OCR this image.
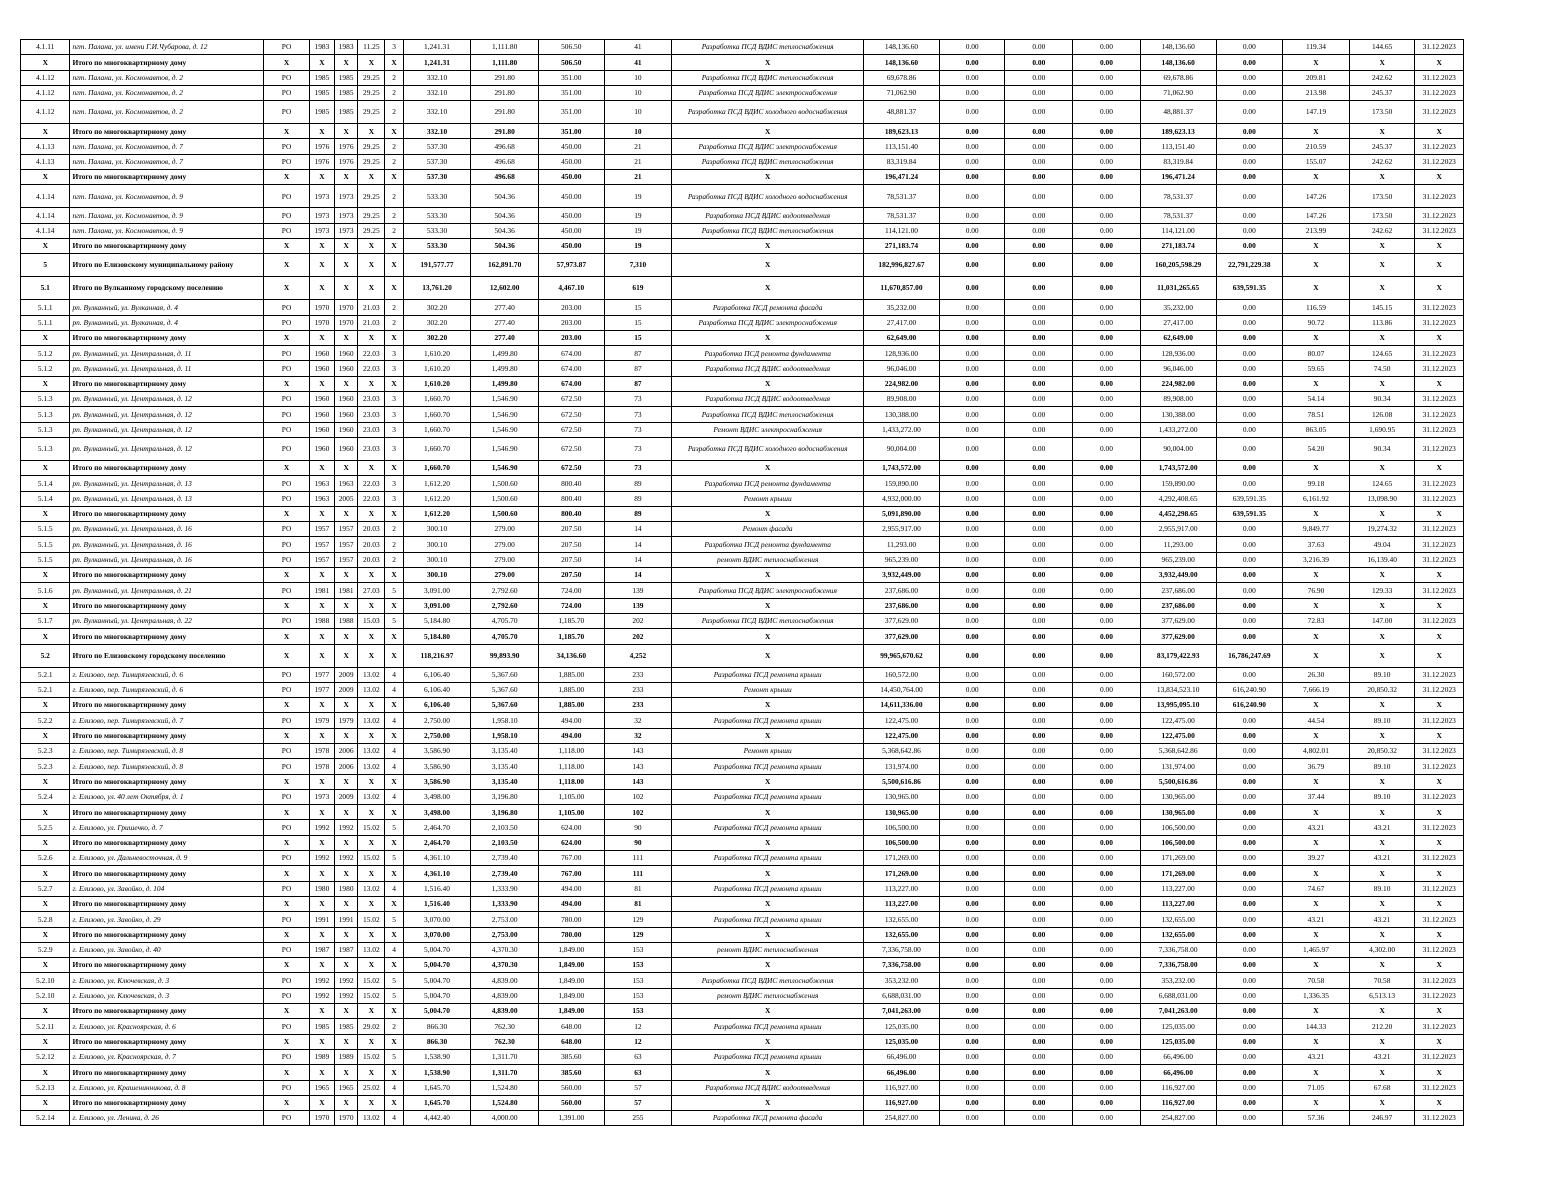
4.1.11	пгт. Палана, ул. имени Г.И.Чубарова, д. 12	РО	1983	1983	11.25	3	1,241.31	1,111.80	506.50	41	Разработка ПСД ВДИС теплоснабжения	148,136.60	0.00	0.00	0.00	148,136.60	0.00	119.34	144.65	31.12.2023
X	Итого по многоквартирному дому	X	X	X	X	X	1,241.31	1,111.80	506.50	41	X	148,136.60	0.00	0.00	0.00	148,136.60	0.00	X	X	X
4.1.12	пгт. Палана, ул. Космонавтов, д. 2	РО	1985	1985	29.25	2	332.10	291.80	351.00	10	Разработка ПСД ВДИС теплоснабжения	69,678.86	0.00	0.00	0.00	69,678.86	0.00	209.81	242.62	31.12.2023
4.1.12	пгт. Палана, ул. Космонавтов, д. 2	РО	1985	1985	29.25	2	332.10	291.80	351.00	10	Разработка ПСД ВДИС электроснабжения	71,062.90	0.00	0.00	0.00	71,062.90	0.00	213.98	245.37	31.12.2023
4.1.12	пгт. Палана, ул. Космонавтов, д. 2	РО	1985	1985	29.25	2	332.10	291.80	351.00	10	Разработка ПСД ВДИС холодного водоснабжения	48,881.37	0.00	0.00	0.00	48,881.37	0.00	147.19	173.50	31.12.2023
X	Итого по многоквартирному дому	X	X	X	X	X	332.10	291.80	351.00	10	X	189,623.13	0.00	0.00	0.00	189,623.13	0.00	X	X	X
4.1.13	пгт. Палана, ул. Космонавтов, д. 7	РО	1976	1976	29.25	2	537.30	496.68	450.00	21	Разработка ПСД ВДИС электроснабжения	113,151.40	0.00	0.00	0.00	113,151.40	0.00	210.59	245.37	31.12.2023
4.1.13	пгт. Палана, ул. Космонавтов, д. 7	РО	1976	1976	29.25	2	537.30	496.68	450.00	21	Разработка ПСД ВДИС теплоснабжения	83,319.84	0.00	0.00	0.00	83,319.84	0.00	155.07	242.62	31.12.2023
X	Итого по многоквартирному дому	X	X	X	X	X	537.30	496.68	450.00	21	X	196,471.24	0.00	0.00	0.00	196,471.24	0.00	X	X	X
4.1.14	пгт. Палана, ул. Космонавтов, д. 9	РО	1973	1973	29.25	2	533.30	504.36	450.00	19	Разработка ПСД ВДИС холодного водоснабжения	78,531.37	0.00	0.00	0.00	78,531.37	0.00	147.26	173.50	31.12.2023
4.1.14	пгт. Палана, ул. Космонавтов, д. 9	РО	1973	1973	29.25	2	533.30	504.36	450.00	19	Разработка ПСД ВДИС водоотведения	78,531.37	0.00	0.00	0.00	78,531.37	0.00	147.26	173.50	31.12.2023
4.1.14	пгт. Палана, ул. Космонавтов, д. 9	РО	1973	1973	29.25	2	533.30	504.36	450.00	19	Разработка ПСД ВДИС теплоснабжения	114,121.00	0.00	0.00	0.00	114,121.00	0.00	213.99	242.62	31.12.2023
X	Итого по многоквартирному дому	X	X	X	X	X	533.30	504.36	450.00	19	X	271,183.74	0.00	0.00	0.00	271,183.74	0.00	X	X	X
5	Итого по Елизовскому муниципальному району	X	X	X	X	X	191,577.77	162,891.70	57,973.87	7,310	X	182,996,827.67	0.00	0.00	0.00	160,205,598.29	22,791,229.38	X	X	X
5.1	Итого по Вулканному городскому поселению	X	X	X	X	X	13,761.20	12,602.00	4,467.10	619	X	11,670,857.00	0.00	0.00	0.00	11,031,265.65	639,591.35	X	X	X
5.1.1	рп. Вулканный, ул. Вулканная, д. 4	РО	1970	1970	21.03	2	302.20	277.40	203.00	15	Разработка ПСД ремонта фасада	35,232.00	0.00	0.00	0.00	35,232.00	0.00	116.59	145.15	31.12.2023
5.1.1	рп. Вулканный, ул. Вулканная, д. 4	РО	1970	1970	21.03	2	302.20	277.40	203.00	15	Разработка ПСД ВДИС электроснабжения	27,417.00	0.00	0.00	0.00	27,417.00	0.00	90.72	113.86	31.12.2023
X	Итого по многоквартирному дому	X	X	X	X	X	302.20	277.40	203.00	15	X	62,649.00	0.00	0.00	0.00	62,649.00	0.00	X	X	X
5.1.2	рп. Вулканный, ул. Центральная, д. 11	РО	1960	1960	22.03	3	1,610.20	1,499.80	674.00	87	Разработка ПСД ремонта фундамента	128,936.00	0.00	0.00	0.00	128,936.00	0.00	80.07	124.65	31.12.2023
5.1.2	рп. Вулканный, ул. Центральная, д. 11	РО	1960	1960	22.03	3	1,610.20	1,499.80	674.00	87	Разработка ПСД ВДИС водоотведения	96,046.00	0.00	0.00	0.00	96,046.00	0.00	59.65	74.50	31.12.2023
X	Итого по многоквартирному дому	X	X	X	X	X	1,610.20	1,499.80	674.00	87	X	224,982.00	0.00	0.00	0.00	224,982.00	0.00	X	X	X
5.1.3	рп. Вулканный, ул. Центральная, д. 12	РО	1960	1960	23.03	3	1,660.70	1,546.90	672.50	73	Разработка ПСД ВДИС водоотведения	89,908.00	0.00	0.00	0.00	89,908.00	0.00	54.14	90.34	31.12.2023
5.1.3	рп. Вулканный, ул. Центральная, д. 12	РО	1960	1960	23.03	3	1,660.70	1,546.90	672.50	73	Разработка ПСД ВДИС теплоснабжения	130,388.00	0.00	0.00	0.00	130,388.00	0.00	78.51	126.08	31.12.2023
5.1.3	рп. Вулканный, ул. Центральная, д. 12	РО	1960	1960	23.03	3	1,660.70	1,546.90	672.50	73	Ремонт ВДИС электроснабжения	1,433,272.00	0.00	0.00	0.00	1,433,272.00	0.00	863.05	1,690.95	31.12.2023
5.1.3	рп. Вулканный, ул. Центральная, д. 12	РО	1960	1960	23.03	3	1,660.70	1,546.90	672.50	73	Разработка ПСД ВДИС холодного водоснабжения	90,004.00	0.00	0.00	0.00	90,004.00	0.00	54.20	90.34	31.12.2023
X	Итого по многоквартирному дому	X	X	X	X	X	1,660.70	1,546.90	672.50	73	X	1,743,572.00	0.00	0.00	0.00	1,743,572.00	0.00	X	X	X
5.1.4	рп. Вулканный, ул. Центральная, д. 13	РО	1963	1963	22.03	3	1,612.20	1,500.60	800.40	89	Разработка ПСД ремонта фундамента	159,890.00	0.00	0.00	0.00	159,890.00	0.00	99.18	124.65	31.12.2023
5.1.4	рп. Вулканный, ул. Центральная, д. 13	РО	1963	2005	22.03	3	1,612.20	1,500.60	800.40	89	Ремонт крыши	4,932,000.00	0.00	0.00	0.00	4,292,408.65	639,591.35	6,161.92	13,098.90	31.12.2023
X	Итого по многоквартирному дому	X	X	X	X	X	1,612.20	1,500.60	800.40	89	X	5,091,890.00	0.00	0.00	0.00	4,452,298.65	639,591.35	X	X	X
5.1.5	рп. Вулканный, ул. Центральная, д. 16	РО	1957	1957	20.03	2	300.10	279.00	207.50	14	Ремонт фасада	2,955,917.00	0.00	0.00	0.00	2,955,917.00	0.00	9,849.77	19,274.32	31.12.2023
5.1.5	рп. Вулканный, ул. Центральная, д. 16	РО	1957	1957	20.03	2	300.10	279.00	207.50	14	Разработка ПСД ремонта фундамента	11,293.00	0.00	0.00	0.00	11,293.00	0.00	37.63	49.04	31.12.2023
5.1.5	рп. Вулканный, ул. Центральная, д. 16	РО	1957	1957	20.03	2	300.10	279.00	207.50	14	ремонт ВДИС теплоснабжения	965,239.00	0.00	0.00	0.00	965,239.00	0.00	3,216.39	16,139.40	31.12.2023
X	Итого по многоквартирному дому	X	X	X	X	X	300.10	279.00	207.50	14	X	3,932,449.00	0.00	0.00	0.00	3,932,449.00	0.00	X	X	X
5.1.6	рп. Вулканный, ул. Центральная, д. 21	РО	1981	1981	27.03	5	3,091.00	2,792.60	724.00	139	Разработка ПСД ВДИС электроснабжения	237,686.00	0.00	0.00	0.00	237,686.00	0.00	76.90	129.33	31.12.2023
X	Итого по многоквартирному дому	X	X	X	X	X	3,091.00	2,792.60	724.00	139	X	237,686.00	0.00	0.00	0.00	237,686.00	0.00	X	X	X
5.1.7	рп. Вулканный, ул. Центральная, д. 22	РО	1988	1988	15.03	5	5,184.80	4,705.70	1,185.70	202	Разработка ПСД ВДИС теплоснабжения	377,629.00	0.00	0.00	0.00	377,629.00	0.00	72.83	147.00	31.12.2023
X	Итого по многоквартирному дому	X	X	X	X	X	5,184.80	4,705.70	1,185.70	202	X	377,629.00	0.00	0.00	0.00	377,629.00	0.00	X	X	X
5.2	Итого по Елизовскому городскому поселению	X	X	X	X	X	118,216.97	99,893.90	34,136.60	4,252	X	99,965,670.62	0.00	0.00	0.00	83,179,422.93	16,786,247.69	X	X	X
5.2.1	г. Елизово, пер. Тимирязевский, д. 6	РО	1977	2009	13.02	4	6,106.40	5,367.60	1,885.00	233	Разработка ПСД ремонта крыши	160,572.00	0.00	0.00	0.00	160,572.00	0.00	26.30	89.10	31.12.2023
5.2.1	г. Елизово, пер. Тимирязевский, д. 6	РО	1977	2009	13.02	4	6,106.40	5,367.60	1,885.00	233	Ремонт крыши	14,450,764.00	0.00	0.00	0.00	13,834,523.10	616,240.90	7,666.19	20,850.32	31.12.2023
X	Итого по многоквартирному дому	X	X	X	X	X	6,106.40	5,367.60	1,885.00	233	X	14,611,336.00	0.00	0.00	0.00	13,995,095.10	616,240.90	X	X	X
5.2.2	г. Елизово, пер. Тимирязевский, д. 7	РО	1979	1979	13.02	4	2,750.00	1,958.10	494.00	32	Разработка ПСД ремонта крыши	122,475.00	0.00	0.00	0.00	122,475.00	0.00	44.54	89.10	31.12.2023
X	Итого по многоквартирному дому	X	X	X	X	X	2,750.00	1,958.10	494.00	32	X	122,475.00	0.00	0.00	0.00	122,475.00	0.00	X	X	X
5.2.3	г. Елизово, пер. Тимирязевский, д. 8	РО	1978	2006	13.02	4	3,586.90	3,135.40	1,118.00	143	Ремонт крыши	5,368,642.86	0.00	0.00	0.00	5,368,642.86	0.00	4,802.01	20,850.32	31.12.2023
5.2.3	г. Елизово, пер. Тимирязевский, д. 8	РО	1978	2006	13.02	4	3,586.90	3,135.40	1,118.00	143	Разработка ПСД ремонта крыши	131,974.00	0.00	0.00	0.00	131,974.00	0.00	36.79	89.10	31.12.2023
X	Итого по многоквартирному дому	X	X	X	X	X	3,586.90	3,135.40	1,118.00	143	X	5,500,616.86	0.00	0.00	0.00	5,500,616.86	0.00	X	X	X
5.2.4	г. Елизово, ул. 40 лет Октября, д. 1	РО	1973	2009	13.02	4	3,498.00	3,196.80	1,105.00	102	Разработка ПСД ремонта крыши	130,965.00	0.00	0.00	0.00	130,965.00	0.00	37.44	89.10	31.12.2023
X	Итого по многоквартирному дому	X	X	X	X	X	3,498.00	3,196.80	1,105.00	102	X	130,965.00	0.00	0.00	0.00	130,965.00	0.00	X	X	X
5.2.5	г. Елизово, ул. Гришечко, д. 7	РО	1992	1992	15.02	5	2,464.70	2,103.50	624.00	90	Разработка ПСД ремонта крыши	106,500.00	0.00	0.00	0.00	106,500.00	0.00	43.21	43.21	31.12.2023
X	Итого по многоквартирному дому	X	X	X	X	X	2,464.70	2,103.50	624.00	90	X	106,500.00	0.00	0.00	0.00	106,500.00	0.00	X	X	X
5.2.6	г. Елизово, ул. Дальневосточная, д. 9	РО	1992	1992	15.02	5	4,361.10	2,739.40	767.00	111	Разработка ПСД ремонта крыши	171,269.00	0.00	0.00	0.00	171,269.00	0.00	39.27	43.21	31.12.2023
X	Итого по многоквартирному дому	X	X	X	X	X	4,361.10	2,739.40	767.00	111	X	171,269.00	0.00	0.00	0.00	171,269.00	0.00	X	X	X
5.2.7	г. Елизово, ул. Завойко, д. 104	РО	1980	1980	13.02	4	1,516.40	1,333.90	494.00	81	Разработка ПСД ремонта крыши	113,227.00	0.00	0.00	0.00	113,227.00	0.00	74.67	89.10	31.12.2023
X	Итого по многоквартирному дому	X	X	X	X	X	1,516.40	1,333.90	494.00	81	X	113,227.00	0.00	0.00	0.00	113,227.00	0.00	X	X	X
5.2.8	г. Елизово, ул. Завойко, д. 29	РО	1991	1991	15.02	5	3,070.00	2,753.00	780.00	129	Разработка ПСД ремонта крыши	132,655.00	0.00	0.00	0.00	132,655.00	0.00	43.21	43.21	31.12.2023
X	Итого по многоквартирному дому	X	X	X	X	X	3,070.00	2,753.00	780.00	129	X	132,655.00	0.00	0.00	0.00	132,655.00	0.00	X	X	X
5.2.9	г. Елизово, ул. Завойко, д. 40	РО	1987	1987	13.02	4	5,004.70	4,370.30	1,849.00	153	ремонт ВДИС теплоснабжения	7,336,758.00	0.00	0.00	0.00	7,336,758.00	0.00	1,465.97	4,302.00	31.12.2023
X	Итого по многоквартирному дому	X	X	X	X	X	5,004.70	4,370.30	1,849.00	153	X	7,336,758.00	0.00	0.00	0.00	7,336,758.00	0.00	X	X	X
5.2.10	г. Елизово, ул. Ключевская, д. 3	РО	1992	1992	15.02	5	5,004.70	4,839.00	1,849.00	153	Разработка ПСД ВДИС теплоснабжения	353,232.00	0.00	0.00	0.00	353,232.00	0.00	70.58	70.58	31.12.2023
5.2.10	г. Елизово, ул. Ключевская, д. 3	РО	1992	1992	15.02	5	5,004.70	4,839.00	1,849.00	153	ремонт ВДИС теплоснабжения	6,688,031.00	0.00	0.00	0.00	6,688,031.00	0.00	1,336.35	6,513.13	31.12.2023
X	Итого по многоквартирному дому	X	X	X	X	X	5,004.70	4,839.00	1,849.00	153	X	7,041,263.00	0.00	0.00	0.00	7,041,263.00	0.00	X	X	X
5.2.11	г. Елизово, ул. Красноярская, д. 6	РО	1985	1985	29.02	2	866.30	762.30	648.00	12	Разработка ПСД ремонта крыши	125,035.00	0.00	0.00	0.00	125,035.00	0.00	144.33	212.20	31.12.2023
X	Итого по многоквартирному дому	X	X	X	X	X	866.30	762.30	648.00	12	X	125,035.00	0.00	0.00	0.00	125,035.00	0.00	X	X	X
5.2.12	г. Елизово, ул. Красноярская, д. 7	РО	1989	1989	15.02	5	1,538.90	1,311.70	385.60	63	Разработка ПСД ремонта крыши	66,496.00	0.00	0.00	0.00	66,496.00	0.00	43.21	43.21	31.12.2023
X	Итого по многоквартирному дому	X	X	X	X	X	1,538.90	1,311.70	385.60	63	X	66,496.00	0.00	0.00	0.00	66,496.00	0.00	X	X	X
5.2.13	г. Елизово, ул. Крашенинникова, д. 8	РО	1965	1965	25.02	4	1,645.70	1,524.80	560.00	57	Разработка ПСД ВДИС водоотведения	116,927.00	0.00	0.00	0.00	116,927.00	0.00	71.05	67.68	31.12.2023
X	Итого по многоквартирному дому	X	X	X	X	X	1,645.70	1,524.80	560.00	57	X	116,927.00	0.00	0.00	0.00	116,927.00	0.00	X	X	X
5.2.14	г. Елизово, ул. Ленина, д. 26	РО	1970	1970	13.02	4	4,442.40	4,000.00	1,391.00	255	Разработка ПСД ремонта фасада	254,827.00	0.00	0.00	0.00	254,827.00	0.00	57.36	246.97	31.12.2023
